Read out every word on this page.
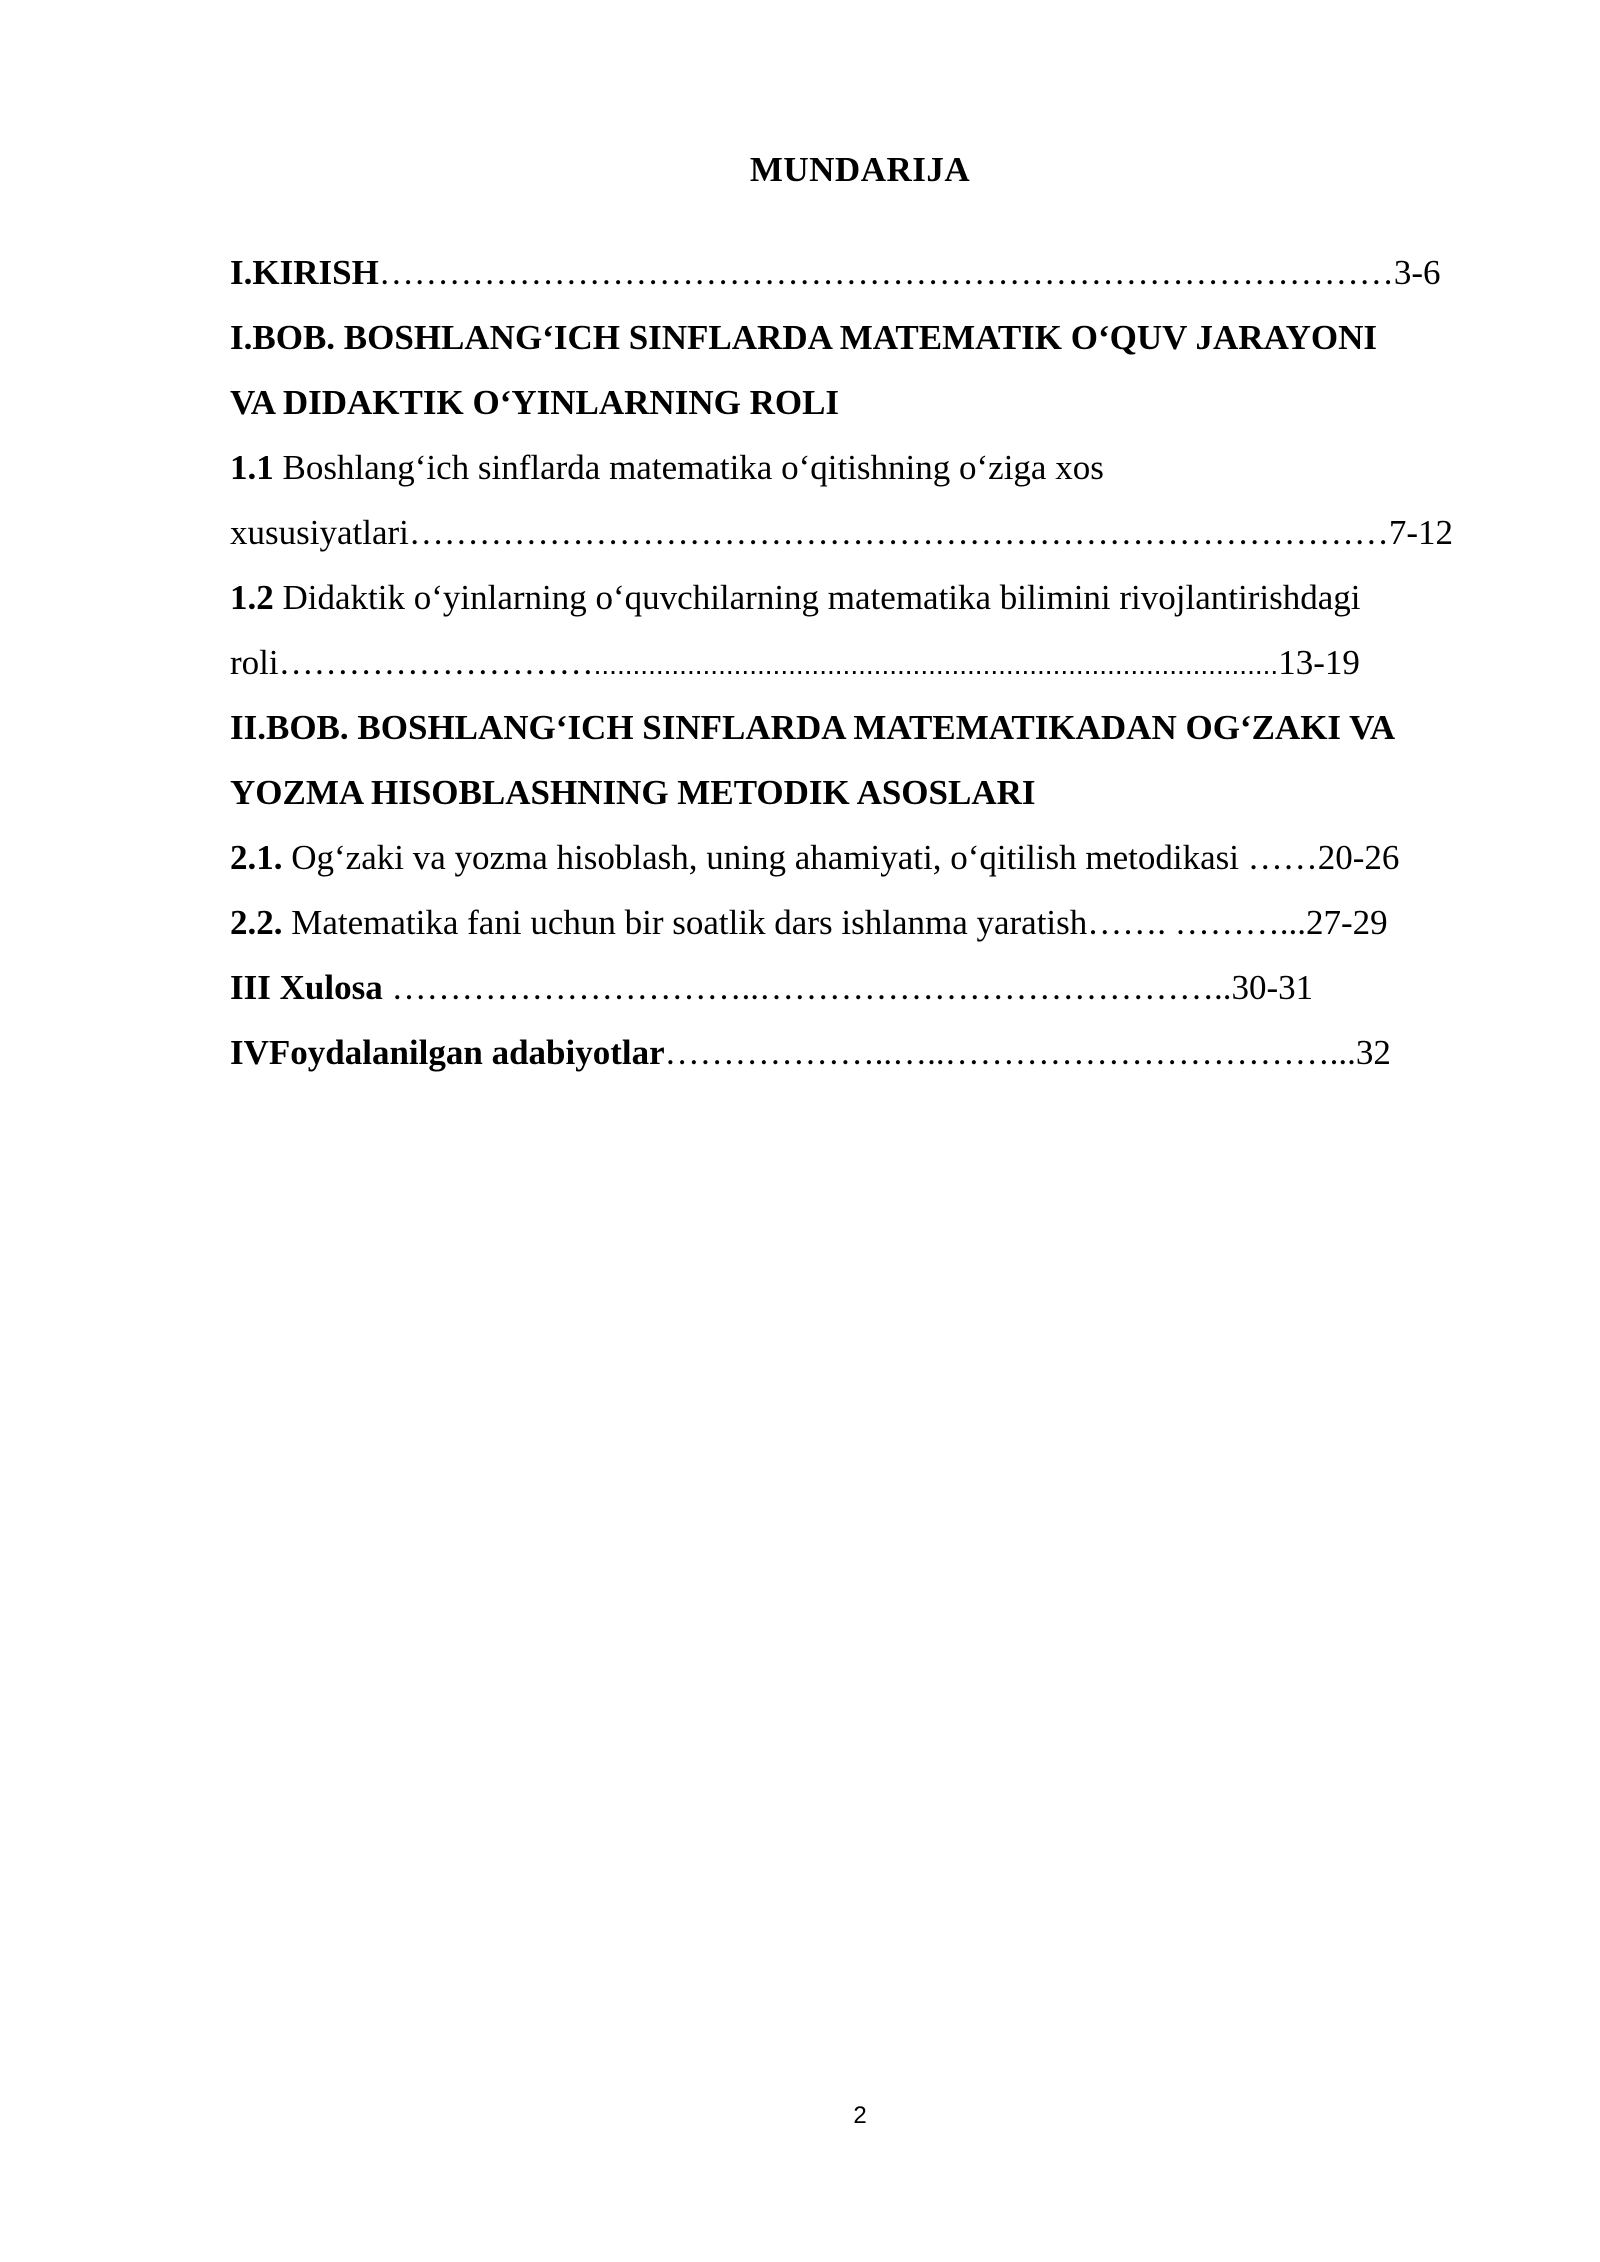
MUNDARIJA
I.KIRISH……………………………………………………………………………3-6
I.BOB. BOSHLANG‘ICH SINFLARDA MATEMATIK O‘QUV JARAYONI
VA DIDAKTIK O‘YINLARNING ROLI
1.1 Boshlang‘ich sinflarda matematika o‘qitishning o‘ziga xos
xususiyatlari…………………………………………………………………………7-12
1.2 Didaktik o‘yinlarning o‘quvchilarning matematika bilimini rivojlantirishdagi
roli………………………........................................................................................13-19
II.BOB. BOSHLANG‘ICH SINFLARDA MATEMATIKADAN OG‘ZAKI VA
YOZMA HISOBLASHNING METODIK ASOSLARI
2.1. Og‘zaki va yozma hisoblash, uning ahamiyati, o‘qitilish metodikasi ……20-26
2.2. Matematika fani uchun bir soatlik dars ishlanma yaratish……. ………...27-29
III Xulosa …………………………..…………………………………..30-31
IVFoydalanilgan adabiyotlar………………..…..……………………………...32
2
